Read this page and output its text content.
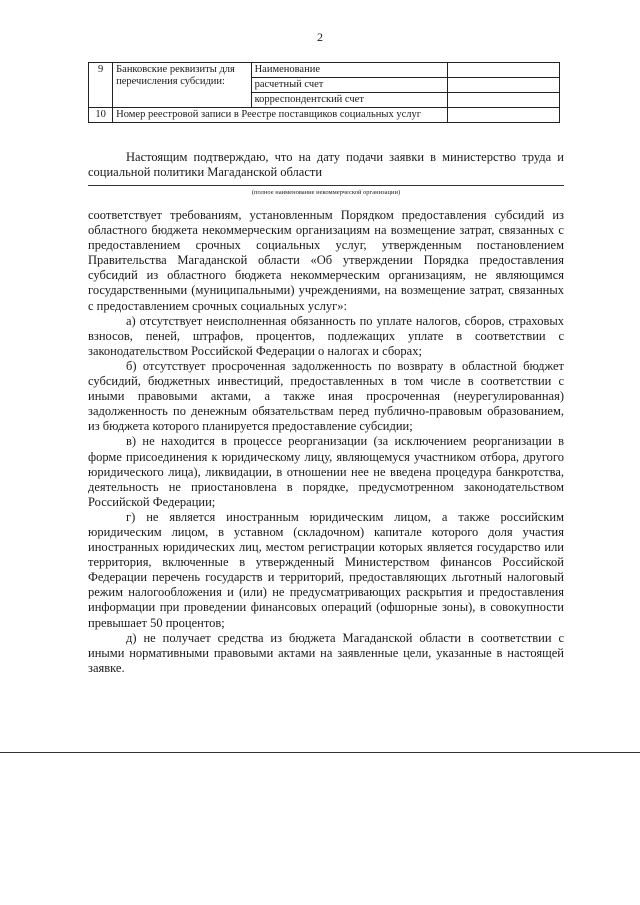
2
9	Банковские реквизиты для перечисления субсидии:	Наименование	
		расчетный счет	
		корреспондентский счет	
10	Номер реестровой записи в Реестре поставщиков социальных услуг		
Настоящим подтверждаю, что на дату подачи заявки в министерство труда и социальной политики Магаданской области
(полное наименование некоммерческой организации)

соответствует требованиям, установленным Порядком предоставления субсидий из областного бюджета некоммерческим организациям на возмещение затрат, связанных с предоставлением срочных социальных услуг, утвержденным постановлением Правительства Магаданской области «Об утверждении Порядка предоставления субсидий из областного бюджета некоммерческим организациям, не являющимся государственными (муниципальными) учреждениями, на возмещение затрат, связанных с предоставлением срочных социальных услуг»:

а) отсутствует неисполненная обязанность по уплате налогов, сборов, страховых взносов, пеней, штрафов, процентов, подлежащих уплате в соответствии с законодательством Российской Федерации о налогах и сборах;

б) отсутствует просроченная задолженность по возврату в областной бюджет субсидий, бюджетных инвестиций, предоставленных в том числе в соответствии с иными правовыми актами, а также иная просроченная (неурегулированная) задолженность по денежным обязательствам перед публично-правовым образованием, из бюджета которого планируется предоставление субсидии;

в) не находится в процессе реорганизации (за исключением реорганизации в форме присоединения к юридическому лицу, являющемуся участником отбора, другого юридического лица), ликвидации, в отношении нее не введена процедура банкротства, деятельность не приостановлена в порядке, предусмотренном законодательством Российской Федерации;

г) не является иностранным юридическим лицом, а также российским юридическим лицом, в уставном (складочном) капитале которого доля участия иностранных юридических лиц, местом регистрации которых является государство или территория, включенные в утвержденный Министерством финансов Российской Федерации перечень государств и территорий, предоставляющих льготный налоговый режим налогообложения и (или) не предусматривающих раскрытия и предоставления информации при проведении финансовых операций (офшорные зоны), в совокупности превышает 50 процентов;

д) не получает средства из бюджета Магаданской области в соответствии с иными нормативными правовыми актами на заявленные цели, указанные в настоящей заявке.
